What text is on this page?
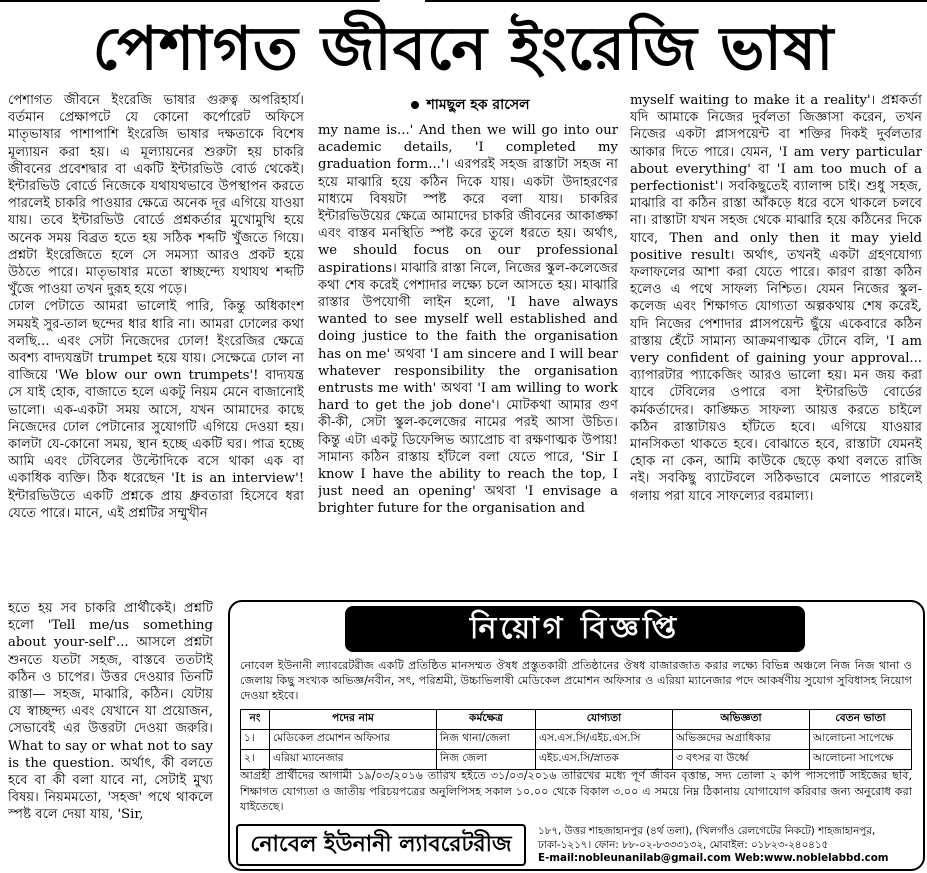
পেশাগত জীবনে ইংরেজি ভাষা

পেশাগত জীবনে ইংরেজি ভাষার গুরুত্ব অপরিহার্য। বর্তমান প্রেক্ষাপটে যে কোনো কর্পোরেট অফিসে মাতৃভাষার পাশাপাশি ইংরেজি ভাষার দক্ষতাকে বিশেষ মূল্যায়ন করা হয়। এ মূল্যায়নের শুরুটা হয় চাকরি জীবনের প্রবেশদ্বার বা একটি ইন্টারভিউ বোর্ড থেকেই। ইন্টারভিউ বোর্ডে নিজেকে যথাযথভাবে উপস্থাপন করতে পারলেই চাকরি পাওয়ার ক্ষেত্রে অনেক দূর এগিয়ে যাওয়া যায়। তবে ইন্টারভিউ বোর্ডে প্রশ্নকর্তার মুখোমুখি হয়ে অনেক সময় বিব্রত হতে হয় সঠিক শব্দটি খুঁজতে গিয়ে। প্রশ্নটা ইংরেজিতে হলে সে সমস্যা আরও প্রকট হয়ে উঠতে পারে। মাতৃভাষার মতো স্বাচ্ছন্দ্যে যথাযথ শব্দটি খুঁজে পাওয়া তখন দুরূহ হয়ে পড়ে।

ঢোল পেটাতে আমরা ভালোই পারি, কিন্তু অধিকাংশ সময়ই সুর-তাল ছন্দের ধার ধারি না। আমরা ঢোলের কথা বলছি... এবং সেটা নিজেদের ঢোল! ইংরেজির ক্ষেত্রে অবশ্য বাদ্যযন্ত্রটা trumpet হয়ে যায়। সেক্ষেত্রে ঢোল না বাজিয়ে 'We blow our own trumpets'! বাদ্যযন্ত্র সে যাই হোক, বাজাতে হলে একটু নিয়ম মেনে বাজানোই ভালো। এক-একটা সময় আসে, যখন আমাদের কাছে নিজেদের ঢোল পেটানোর সুযোগটি এগিয়ে দেওয়া হয়। কালটা যে-কোনো সময়, স্থান হচ্ছে একটি ঘর। পাত্র হচ্ছে আমি এবং টেবিলের উল্টোদিকে বসে থাকা এক বা একাধিক ব্যক্তি। ঠিক ধরেছেন 'It is an interview'! ইন্টারভিউতে একটি প্রশ্নকে প্রায় ধ্রুবতারা হিসেবে ধরা যেতে পারে। মানে, এই প্রশ্নটির সম্মুখীন

হতে হয় সব চাকরি প্রার্থীকেই। প্রশ্নটি হলো 'Tell me/us something about your-self'... আসলে প্রশ্নটা শুনতে যতটা সহজ, বাস্তবে ততটাই কঠিন ও চাপের। উত্তর দেওয়ার তিনটি রাস্তা— সহজ, মাঝারি, কঠিন। যেটায় যে স্বাচ্ছন্দ্য এবং যেখানে যা প্রয়োজন, সেভাবেই এর উত্তরটা দেওয়া জরুরি। What to say or what not to say is the question. অর্থাৎ, কী বলতে হবে বা কী বলা যাবে না, সেটাই মুখ্য বিষয়। নিয়মমতো, 'সহজ' পথে থাকলে স্পষ্ট বলে দেয়া যায়, 'Sir,

শামছুল হক রাসেল

my name is...' And then we will go into our academic details, 'I completed my graduation form...'। এরপরই সহজ রাস্তাটা সহজ না হয়ে মাঝারি হয়ে কঠিন দিকে যায়। একটা উদাহরণের মাধ্যমে বিষয়টা স্পষ্ট করে বলা যায়। চাকরির ইন্টারভিউয়ের ক্ষেত্রে আমাদের চাকরি জীবনের আকাঙ্ক্ষা এবং বাস্তব মনস্থিতি স্পষ্ট করে তুলে ধরতে হয়। অর্থাৎ, we should focus on our professional aspirations। মাঝারি রাস্তা নিলে, নিজের স্কুল-কলেজের কথা শেষ করেই পেশাদার লক্ষ্যে চলে আসতে হয়। মাঝারি রাস্তার উপযোগী লাইন হলো, 'I have always wanted to see myself well established and doing justice to the faith the organisation has on me' অথবা 'I am sincere and I will bear whatever responsibility the organisation entrusts me with' অথবা 'I am willing to work hard to get the job done'। মোটকথা আমার গুণ কী-কী, সেটা স্কুল-কলেজের নামের পরই আসা উচিত। কিন্তু এটা একটু ডিফেন্সিভ অ্যাপ্রোচ বা রক্ষণাত্মক উপায়! সামান্য কঠিন রাস্তায় হাঁটলে বলা যেতে পারে, 'Sir I know I have the ability to reach the top, I just need an opening' অথবা 'I envisage a brighter future for the organisation and

myself waiting to make it a reality'। প্রশ্নকর্তা যদি আমাকে নিজের দুর্বলতা জিজ্ঞাসা করেন, তখন নিজের একটা প্লাসপয়েন্ট বা শক্তির দিকই দুর্বলতার আকার দিতে পারে। যেমন, 'I am very particular about everything' বা 'I am too much of a perfectionist'। সবকিছুতেই ব্যালান্স চাই। শুধু সহজ, মাঝারি বা কঠিন রাস্তা আঁকড়ে ধরে বসে থাকলে চলবে না। রাস্তাটা যখন সহজ থেকে মাঝারি হয়ে কঠিনের দিকে যাবে, Then and only then it may yield positive result। অর্থাৎ, তখনই একটা গ্রহণযোগ্য ফলাফলের আশা করা যেতে পারে। কারণ রাস্তা কঠিন হলেও এ পথে সাফল্য নিশ্চিত। যেমন নিজের স্কুল-কলেজ এবং শিক্ষাগত যোগ্যতা অল্পকথায় শেষ করেই, যদি নিজের পেশাদার প্লাসপয়েন্ট ছুঁয়ে একেবারে কঠিন রাস্তায় হেঁটে সামান্য আক্রমণাত্মক টোনে বলি, 'I am very confident of gaining your approval... ব্যাপারটার প্যাকেজিং আরও ভালো হয়। মন জয় করা যাবে টেবিলের ওপারে বসা ইন্টারভিউ বোর্ডের কর্মকর্তাদের। কাঙ্ক্ষিত সাফল্য আয়ত্ত করতে চাইলে কঠিন রাস্তাটায়ও হাঁটতে হবে। এগিয়ে যাওয়ার মানসিকতা থাকতে হবে। বোঝাতে হবে, রাস্তাটা যেমনই হোক না কেন, আমি কাউকে ছেড়ে কথা বলতে রাজি নই। সবকিছু ব্যাটেবলে সঠিকভাবে মেলাতে পারলেই গলায় পরা যাবে সাফল্যের বরমাল্য।

নিয়োগ বিজ্ঞপ্তি
নোবেল ইউনানী ল্যাবরেটরীজ একটি প্রতিষ্ঠিত মানসম্মত ঔষধ প্রস্তুতকারী প্রতিষ্ঠানের ঔষধ বাজারজাত করার লক্ষ্যে বিভিন্ন অঞ্চলে নিজ নিজ থানা ও জেলায় কিছু সংখ্যক অভিজ্ঞ/নবীন, সৎ, পরিশ্রমী, উচ্চাভিলাষী মেডিকেল প্রমোশন অফিসার ও এরিয়া ম্যানেজার পদে আকর্ষণীয় সুযোগ সুবিধাসহ নিয়োগ দেওয়া হইবে।
নং	পদের নাম	কর্মক্ষেত্র	যোগ্যতা	অভিজ্ঞতা	বেতন ভাতা
১।	মেডিকেল প্রমোশন অফিসার	নিজ থানা/জেলা	এস.এস.সি/এইচ.এস.সি	অভিজ্ঞদের অগ্রাধিকার	আলোচনা সাপেক্ষে
২।	এরিয়া ম্যানেজার	নিজ জেলা	এইচ.এস.সি/স্নাতক	৩ বৎসর বা উর্ধ্বে	আলোচনা সাপেক্ষে
আগ্রহী প্রার্থীদের আগামী ১৯/০৩/২০১৬ তারিখ হইতে ৩১/০৩/২০১৬ তারিখের মধ্যে পূর্ণ জীবন বৃত্তান্ত, সদ্য তোলা ২ কপি পাসপোর্ট সাইজের ছবি, শিক্ষাগত যোগ্যতা ও জাতীয় পরিচয়পত্রের অনুলিপিসহ সকাল ১০.০০ থেকে বিকাল ৩.০০ এ সময়ে নিম্ন ঠিকানায় যোগাযোগ করিবার জন্য অনুরোধ করা যাইতেছে।
নোবেল ইউনানী ল্যাবরেটরীজ
১৮৭, উত্তর শাহজাহানপুর (৪র্থ তলা), (খিলগাঁও রেলগেটের নিকটে) শাহজাহানপুর, ঢাকা-১২১৭। ফোন: ৮৮-০২-৮৩৩৩১৩২, মোবাইল: ০১৮২৩-২৪০৪১৫
E-mail:nobleunanilab@gmail.com Web:www.noblelabbd.com
